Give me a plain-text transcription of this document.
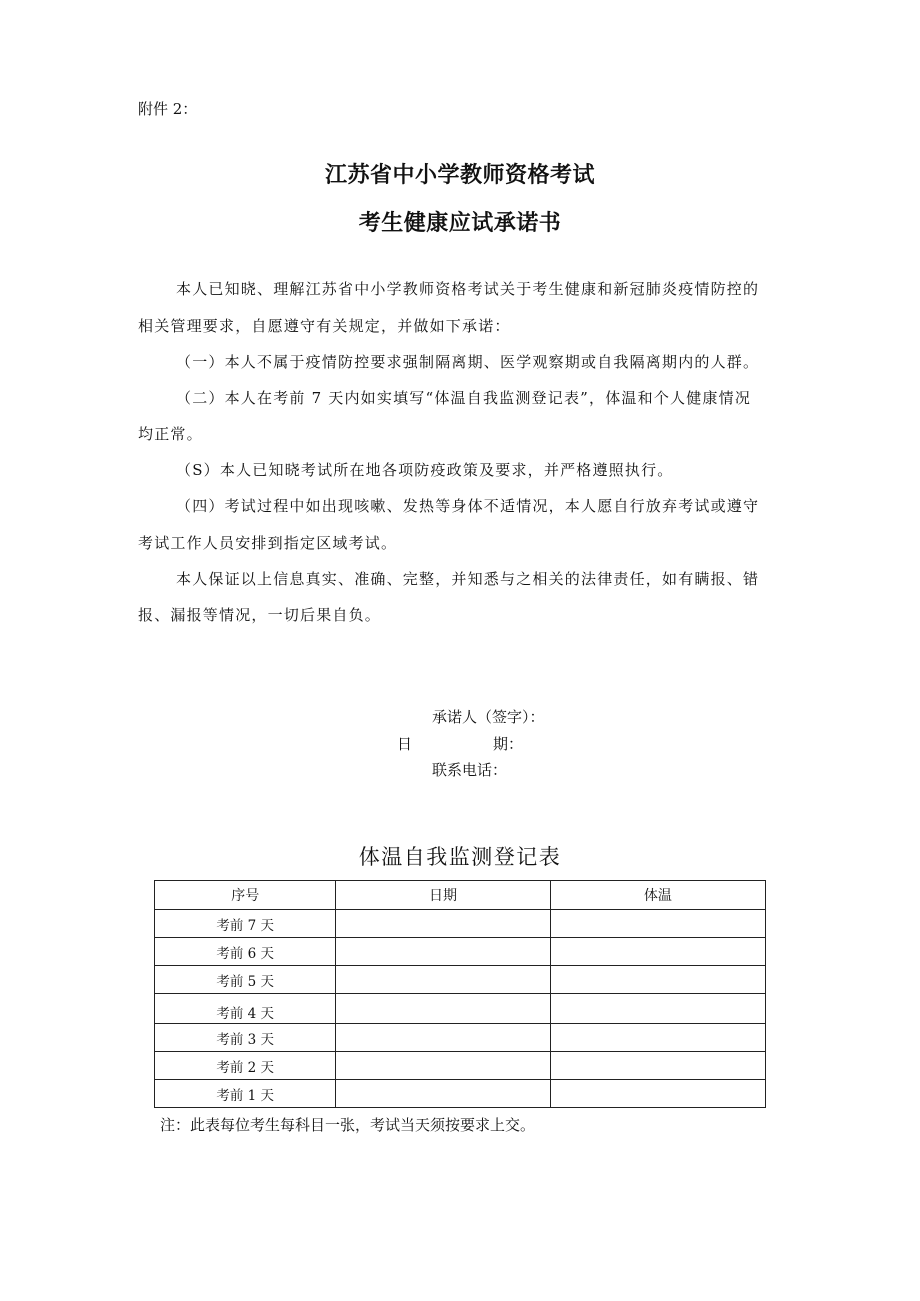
附件 2：
江苏省中小学教师资格考试
考生健康应试承诺书
本人已知晓、理解江苏省中小学教师资格考试关于考生健康和新冠肺炎疫情防控的
相关管理要求，自愿遵守有关规定，并做如下承诺：
（一）本人不属于疫情防控要求强制隔离期、医学观察期或自我隔离期内的人群。
（二）本人在考前 7 天内如实填写“体温自我监测登记表”，体温和个人健康情况
均正常。
（S）本人已知晓考试所在地各项防疫政策及要求，并严格遵照执行。
（四）考试过程中如出现咳嗽、发热等身体不适情况，本人愿自行放弃考试或遵守
考试工作人员安排到指定区域考试。
本人保证以上信息真实、准确、完整，并知悉与之相关的法律责任，如有瞒报、错
报、漏报等情况，一切后果自负。
承诺人（签字）：
日	期：
联系电话：
体温自我监测登记表
序号	日期	体温
考前 7 天		
考前 6 天		
考前 5 天		
考前 4 天		
考前 3 天		
考前 2 天		
考前 1 天		
注：此表每位考生每科目一张，考试当天须按要求上交。
